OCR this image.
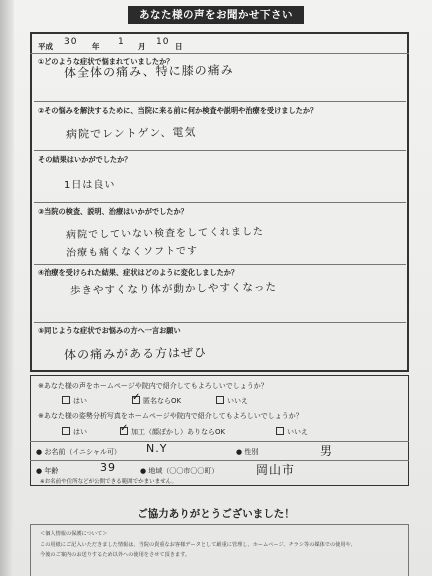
あなた様の声をお聞かせ下さい
平成 30 年 1 月 10 日
①どのような症状で悩まれていましたか？
体全体の痛み、特に膝の痛み
②その悩みを解決するために、当院に来る前に何か検査や説明や治療を受けましたか？
病院でレントゲン、電気
その結果はいかがでしたか？
1日は良い
③当院の検査、説明、治療はいかがでしたか？
病院でしていない検査をしてくれました
治療も痛くなくソフトです
④治療を受けられた結果、症状はどのように変化しましたか？
歩きやすくなり体が動かしやすくなった
⑤同じような症状でお悩みの方へ一言お願い
体の痛みがある方はぜひ
※あなた様の声をホームページや院内で紹介してもよろしいでしょうか？
はい	✓ 匿名ならOK	いいえ
※あなた様の姿勢分析写真をホームページや院内で紹介してもよろしいでしょうか？
はい	✓ 加工（顔ぼかし）ありならOK	いいえ
● お名前（イニシャル可） N.Y	● 性別	男
● 年齢	39	● 地域（〇〇市〇〇町）	岡山市
※お名前や住所などが公開できる範囲でかまいません。
ご協力ありがとうございました！
＜個人情報の保護について＞
この用紙にご記入いただきました情報は、当院の貴重なお客様データとして厳重に管理し、ホームページ、チラシ等の媒体での使用や、
今後のご案内のお送りするため以外への使用をさせて頂きます。
